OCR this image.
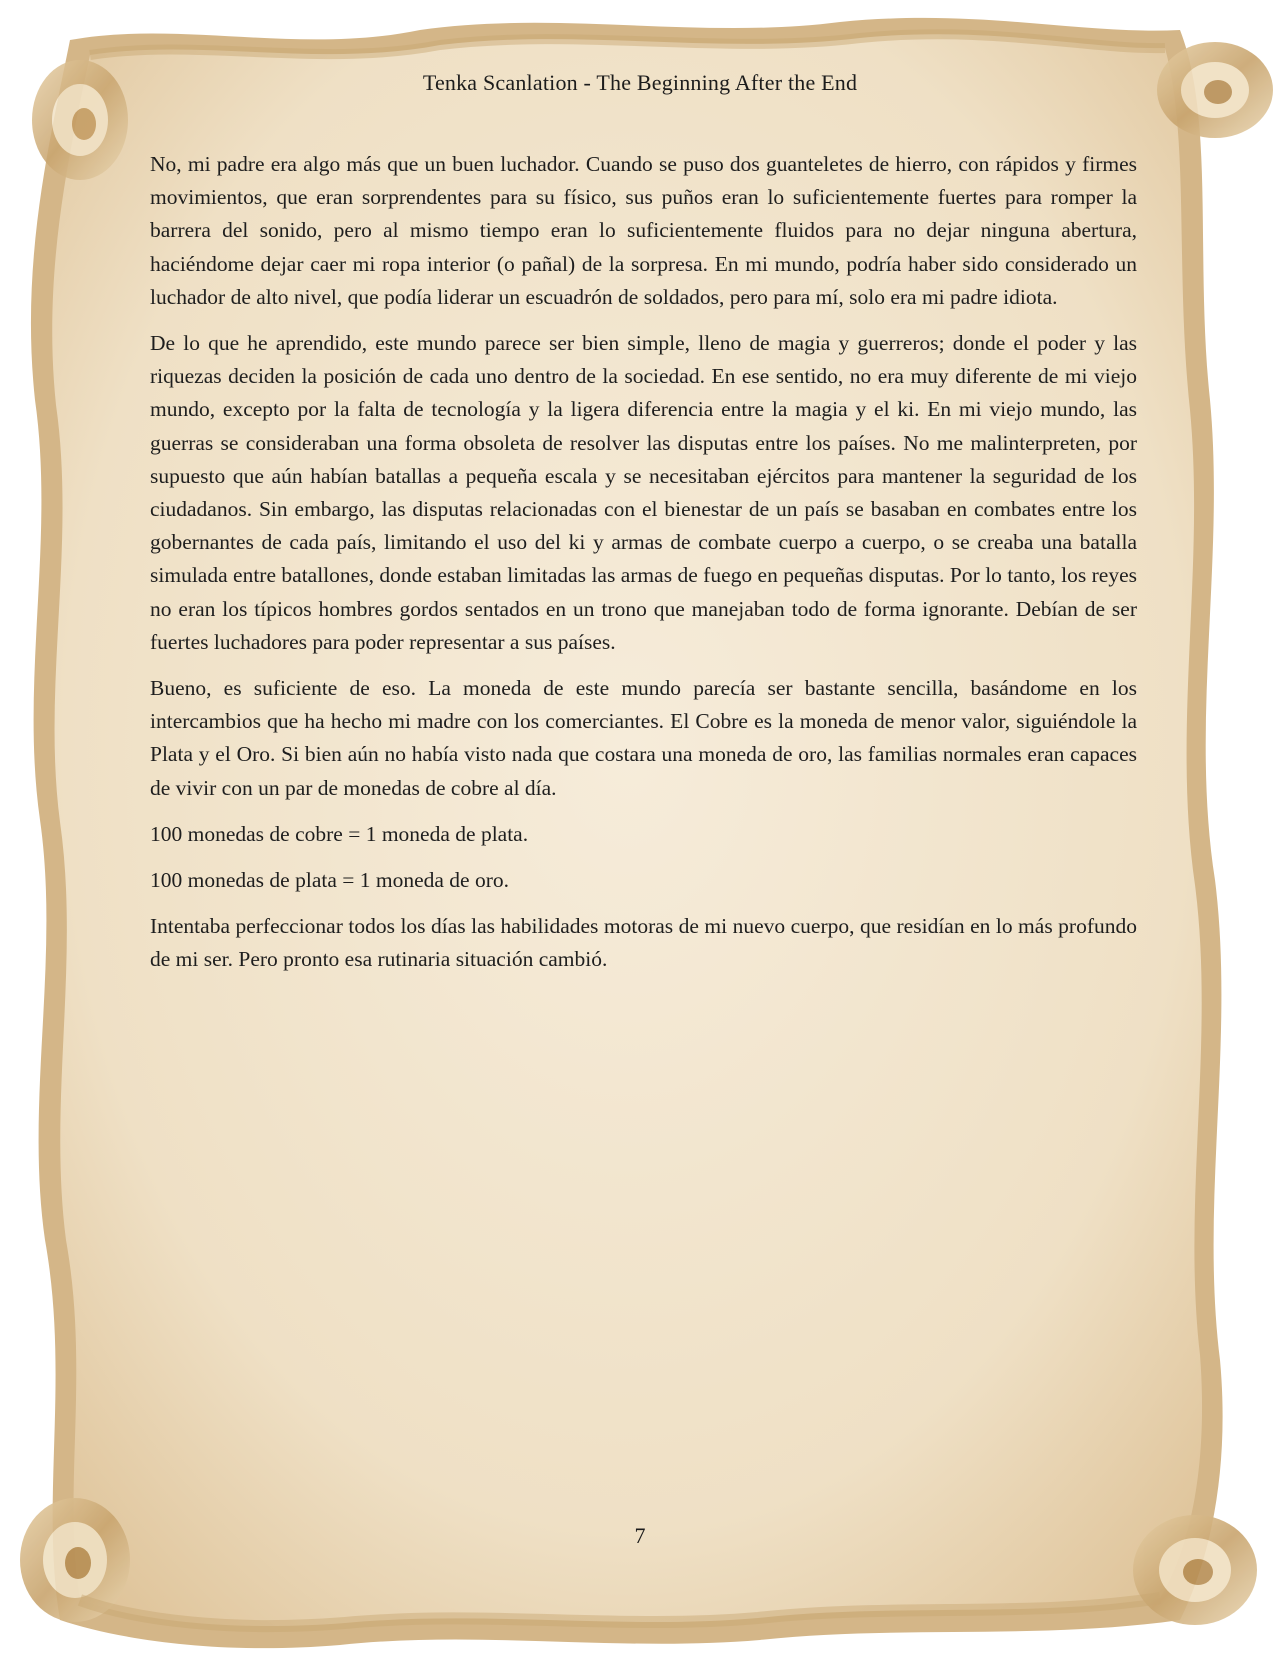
Tenka Scanlation - The Beginning After the End

No, mi padre era algo más que un buen luchador. Cuando se puso dos guanteletes de hierro, con rápidos y firmes movimientos, que eran sorprendentes para su físico, sus puños eran lo suficientemente fuertes para romper la barrera del sonido, pero al mismo tiempo eran lo suficientemente fluidos para no dejar ninguna abertura, haciéndome dejar caer mi ropa interior (o pañal) de la sorpresa. En mi mundo, podría haber sido considerado un luchador de alto nivel, que podía liderar un escuadrón de soldados, pero para mí, solo era mi padre idiota.

De lo que he aprendido, este mundo parece ser bien simple, lleno de magia y guerreros; donde el poder y las riquezas deciden la posición de cada uno dentro de la sociedad. En ese sentido, no era muy diferente de mi viejo mundo, excepto por la falta de tecnología y la ligera diferencia entre la magia y el ki. En mi viejo mundo, las guerras se consideraban una forma obsoleta de resolver las disputas entre los países. No me malinterpreten, por supuesto que aún habían batallas a pequeña escala y se necesitaban ejércitos para mantener la seguridad de los ciudadanos. Sin embargo, las disputas relacionadas con el bienestar de un país se basaban en combates entre los gobernantes de cada país, limitando el uso del ki y armas de combate cuerpo a cuerpo, o se creaba una batalla simulada entre batallones, donde estaban limitadas las armas de fuego en pequeñas disputas. Por lo tanto, los reyes no eran los típicos hombres gordos sentados en un trono que manejaban todo de forma ignorante. Debían de ser fuertes luchadores para poder representar a sus países.

Bueno, es suficiente de eso. La moneda de este mundo parecía ser bastante sencilla, basándome en los intercambios que ha hecho mi madre con los comerciantes. El Cobre es la moneda de menor valor, siguiéndole la Plata y el Oro. Si bien aún no había visto nada que costara una moneda de oro, las familias normales eran capaces de vivir con un par de monedas de cobre al día.

100 monedas de cobre = 1 moneda de plata.

100 monedas de plata = 1 moneda de oro.

Intentaba perfeccionar todos los días las habilidades motoras de mi nuevo cuerpo, que residían en lo más profundo de mi ser. Pero pronto esa rutinaria situación cambió.

7
